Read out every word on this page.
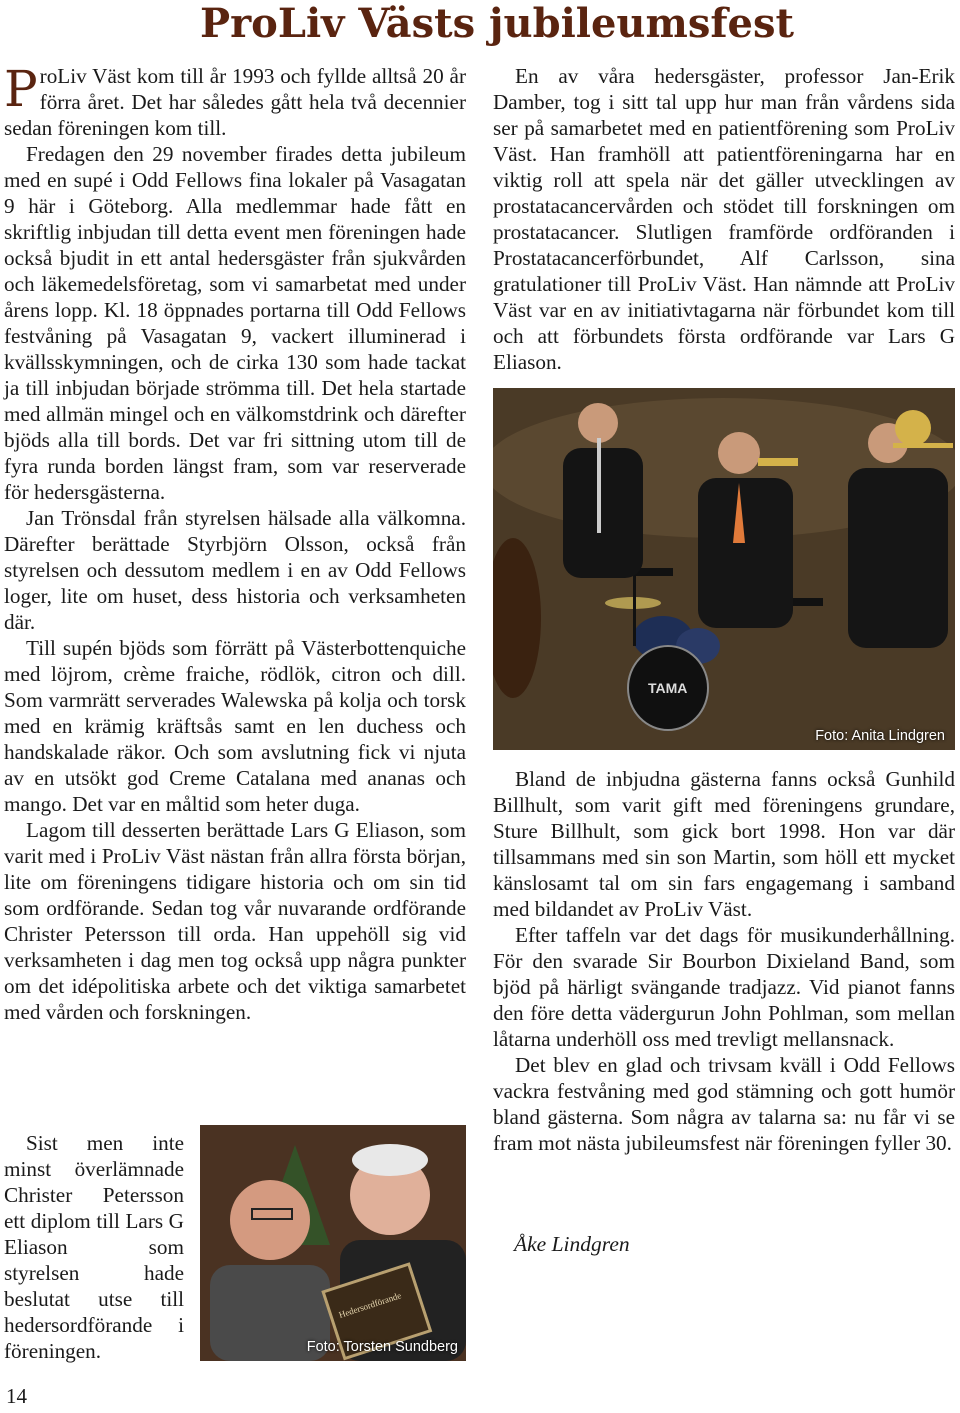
ProLiv Västs jubileumsfest

ProLiv Väst kom till år 1993 och fyllde alltså 20 år förra året. Det har således gått hela två decennier sedan föreningen kom till.

Fredagen den 29 november firades detta jubileum med en supé i Odd Fellows fina lokaler på Vasagatan 9 här i Göteborg. Alla medlemmar hade fått en skriftlig inbjudan till detta event men föreningen hade också bjudit in ett antal hedersgäster från sjukvården och läkemedelsföretag, som vi samarbetat med under årens lopp. Kl. 18 öppnades portarna till Odd Fellows festvåning på Vasagatan 9, vackert illuminerad i kvällsskymningen, och de cirka 130 som hade tackat ja till inbjudan började strömma till. Det hela startade med allmän mingel och en välkomstdrink och därefter bjöds alla till bords. Det var fri sittning utom till de fyra runda borden längst fram, som var reserverade för hedersgästerna.

Jan Trönsdal från styrelsen hälsade alla välkomna. Därefter berättade Styrbjörn Olsson, också från styrelsen och dessutom medlem i en av Odd Fellows loger, lite om huset, dess historia och verksamheten där.

Till supén bjöds som förrätt på Västerbottenquiche med löjrom, crème fraiche, rödlök, citron och dill. Som varmrätt serverades Walewska på kolja och torsk med en krämig kräftsås samt en len duchess och handskalade räkor. Och som avslutning fick vi njuta av en utsökt god Creme Catalana med ananas och mango. Det var en måltid som heter duga.

Lagom till desserten berättade Lars G Eliason, som varit med i ProLiv Väst nästan från allra första början, lite om föreningens tidigare historia och om sin tid som ordförande. Sedan tog vår nuvarande ordförande Christer Petersson till orda. Han uppehöll sig vid verksamheten i dag men tog också upp några punkter om det idépolitiska arbete och det viktiga samarbetet med vården och forskningen.

Sist men inte minst överlämnade Christer Petersson ett diplom till Lars G Eliason som styrelsen hade beslutat utse till hedersordförande i föreningen.

En av våra hedersgäster, professor Jan-Erik Damber, tog i sitt tal upp hur man från vårdens sida ser på samarbetet med en patientförening som ProLiv Väst. Han framhöll att patientföreningarna har en viktig roll att spela när det gäller utvecklingen av prostatacancervården och stödet till forskningen om prostatacancer. Slutligen framförde ordföranden i Prostatacancerförbundet, Alf Carlsson, sina gratulationer till ProLiv Väst. Han nämnde att ProLiv Väst var en av initiativtagarna när förbundet kom till och att förbundets första ordförande var Lars G Eliason.

TAMA
Foto: Anita Lindgren

Bland de inbjudna gästerna fanns också Gunhild Billhult, som varit gift med föreningens grundare, Sture Billhult, som gick bort 1998. Hon var där tillsammans med sin son Martin, som höll ett mycket känslosamt tal om sin fars engagemang i samband med bildandet av ProLiv Väst.

Efter taffeln var det dags för musikunderhållning. För den svarade Sir Bourbon Dixieland Band, som bjöd på härligt svängande tradjazz. Vid pianot fanns den före detta vädergurun John Pohlman, som mellan låtarna underhöll oss med trevligt mellansnack.

Det blev en glad och trivsam kväll i Odd Fellows vackra festvåning med god stämning och gott humör bland gästerna. Som några av talarna sa: nu får vi se fram mot nästa jubileumsfest när föreningen fyller 30.

Åke Lindgren
Hedersordförande
Foto: Torsten Sundberg
14
